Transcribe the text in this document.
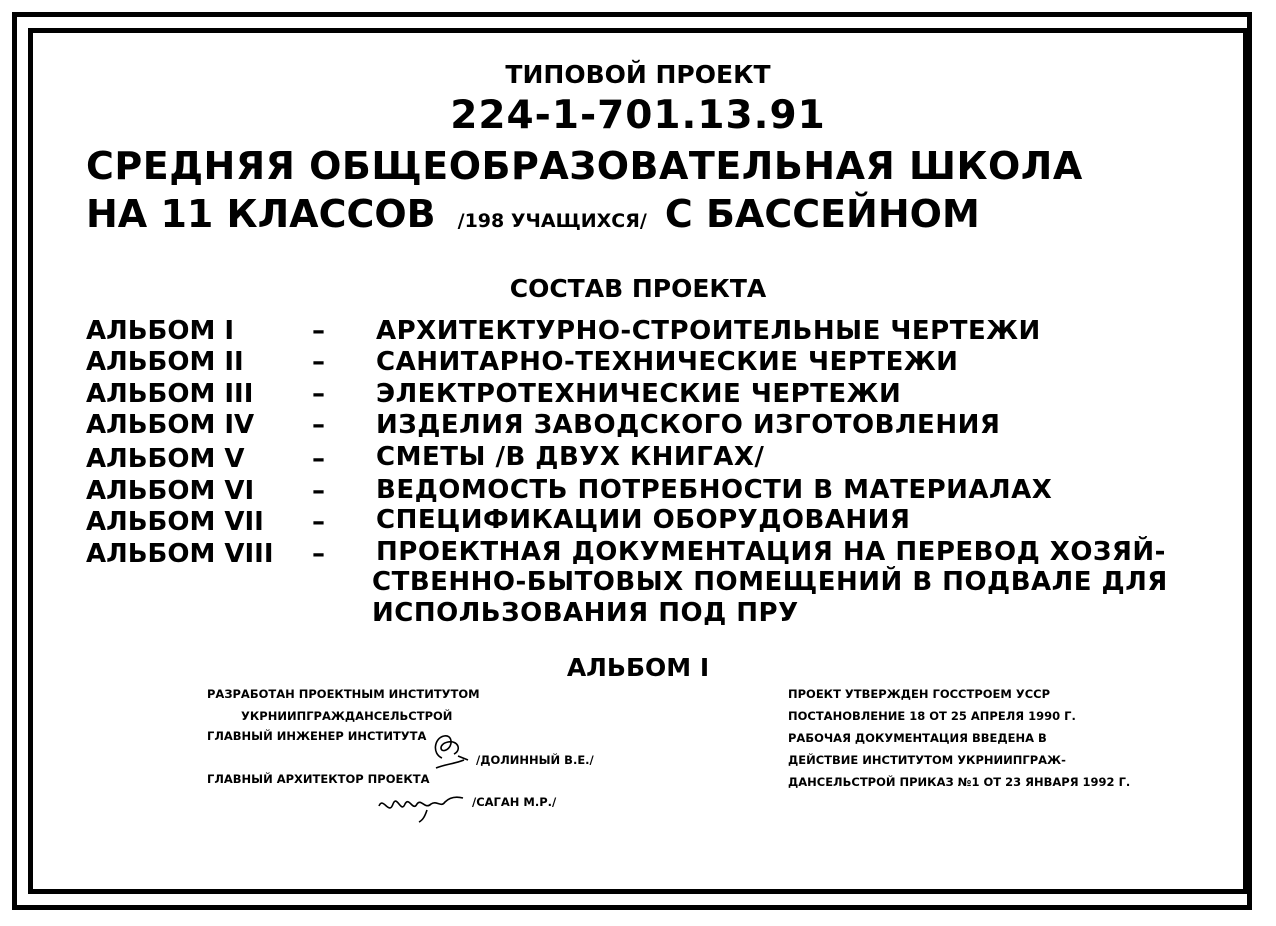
ТИПОВОЙ ПРОЕКТ
224-1-701.13.91
СРЕДНЯЯ ОБЩЕОБРАЗОВАТЕЛЬНАЯ ШКОЛА
НА 11 КЛАССОВ /198 УЧАЩИХСЯ/ С БАССЕЙНОМ
СОСТАВ ПРОЕКТА
АЛЬБОМ I	– АРХИТЕКТУРНО-СТРОИТЕЛЬНЫЕ ЧЕРТЕЖИ
АЛЬБОМ II	– САНИТАРНО-ТЕХНИЧЕСКИЕ ЧЕРТЕЖИ
АЛЬБОМ III – ЭЛЕКТРОТЕХНИЧЕСКИЕ ЧЕРТЕЖИ
АЛЬБОМ IV – ИЗДЕЛИЯ ЗАВОДСКОГО ИЗГОТОВЛЕНИЯ
АЛЬБОМ V	– СМЕТЫ /В ДВУХ КНИГАХ/
АЛЬБОМ VI – ВЕДОМОСТЬ ПОТРЕБНОСТИ В МАТЕРИАЛАХ
АЛЬБОМ VII – СПЕЦИФИКАЦИИ ОБОРУДОВАНИЯ
АЛЬБОМ VIII – ПРОЕКТНАЯ ДОКУМЕНТАЦИЯ НА ПЕРЕВОД ХОЗЯЙ-
СТВЕННО-БЫТОВЫХ ПОМЕЩЕНИЙ В ПОДВАЛЕ ДЛЯ
ИСПОЛЬЗОВАНИЯ ПОД ПРУ
АЛЬБОМ I
РАЗРАБОТАН ПРОЕКТНЫМ ИНСТИТУТОМ
УКРНИИПГРАЖДАНСЕЛЬСТРОЙ
ГЛАВНЫЙ ИНЖЕНЕР ИНСТИТУТА
/ДОЛИННЫЙ В.Е./
ГЛАВНЫЙ АРХИТЕКТОР ПРОЕКТА
/САГАН М.Р./
ПРОЕКТ УТВЕРЖДЕН ГОССТРОЕМ УССР
ПОСТАНОВЛЕНИЕ 18 ОТ 25 АПРЕЛЯ 1990 Г.
РАБОЧАЯ ДОКУМЕНТАЦИЯ ВВЕДЕНА В
ДЕЙСТВИЕ ИНСТИТУТОМ УКРНИИПГРАЖ-
ДАНСЕЛЬСТРОЙ ПРИКАЗ №1 ОТ 23 ЯНВАРЯ 1992 Г.
